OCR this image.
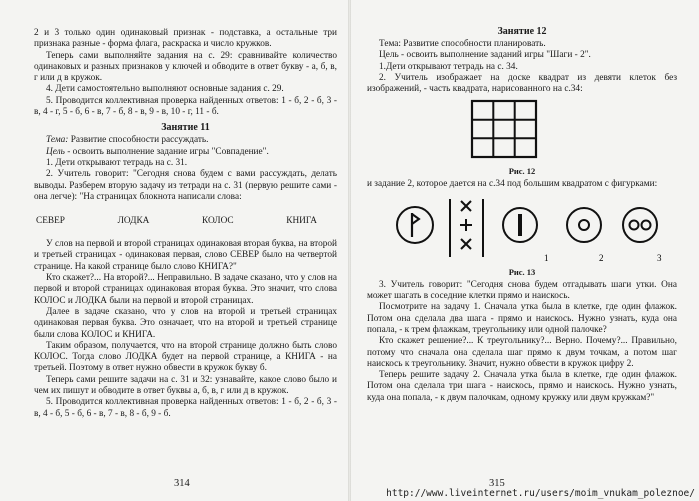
2 и 3 только один одинаковый признак - подставка, а остальные три признака разные - форма флага, раскраска и число кружков.

Теперь сами выполняйте задания на с. 29: сравнивайте количество одинаковых и разных признаков у ключей и обводите в ответ букву - а, б, в, г или д в кружок.

4. Дети самостоятельно выполняют основные задания с. 29.

5. Проводится коллективная проверка найденных ответов: 1 - б, 2 - б, 3 - в, 4 - г, 5 - б, 6 - в, 7 - б, 8 - в, 9 - в, 10 - г, 11 - б.

Занятие 11

Тема: Развитие способности рассуждать.

Цель - освоить выполнение задание игры "Совпадение".

1. Дети открывают тетрадь на с. 31.

2. Учитель говорит: "Сегодня снова будем с вами рассуждать, делать выводы. Разберем вторую задачу из тетради на с. 31 (первую решите сами - она легче): "На страницах блокнота написали слова:

СЕВЕР	ЛОДКА	КОЛОС	КНИГА

У слов на первой и второй страницах одинаковая вторая буква, на второй и третьей страницах - одинаковая первая, слово СЕВЕР было на четвертой странице. На какой странице было слово КНИГА?"

Кто скажет?... На второй?... Неправильно. В задаче сказано, что у слов на первой и второй страницах одинаковая вторая буква. Это значит, что слова КОЛОС и ЛОДКА были на первой и второй страницах.

Далее в задаче сказано, что у слов на второй и третьей страницах одинаковая первая буква. Это означает, что на второй и третьей странице были слова КОЛОС и КНИГА.

Таким образом, получается, что на второй странице должно быть слово КОЛОС. Тогда слово ЛОДКА будет на первой странице, а КНИГА - на третьей. Поэтому в ответ нужно обвести в кружок букву б.

Теперь сами решите задачи на с. 31 и 32: узнавайте, какое слово было и чем их пишут и обводите в ответ буквы а, б, в, г или д в кружок.

5. Проводится коллективная проверка найденных ответов: 1 - б, 2 - б, 3 - в, 4 - б, 5 - б, 6 - в, 7 - в, 8 - б, 9 - б.

314
Занятие 12

Тема: Развитие способности планировать.

Цель - освоить выполнение заданий игры "Шаги - 2".

1.Дети открывают тетрадь на с. 34.

2. Учитель изображает на доске квадрат из девяти клеток без изображений, - часть квадрата, нарисованного на с.34:

Рис. 12

и задание 2, которое дается на с.34 под большим квадратом с фигурками:

1	2	3
Рис. 13

3. Учитель говорит: "Сегодня снова будем отгадывать шаги утки. Она может шагать в соседние клетки прямо и наискось.

Посмотрите на задачу 1. Сначала утка была в клетке, где один флажок. Потом она сделала два шага - прямо и наискось. Нужно узнать, куда она попала, - к трем флажкам, треугольнику или одной палочке?

Кто скажет решение?... К треугольнику?... Верно. Почему?... Правильно, потому что сначала она сделала шаг прямо к двум точкам, а потом шаг наискось к треугольнику. Значит, нужно обвести в кружок цифру 2.

Теперь решите задачу 2. Сначала утка была в клетке, где один флажок. Потом она сделала три шага - наискось, прямо и наискось. Нужно узнать, куда она попала, - к двум палочкам, одному кружку или двум кружкам?"

315
http://www.liveinternet.ru/users/moim_vnukam_poleznoe/
